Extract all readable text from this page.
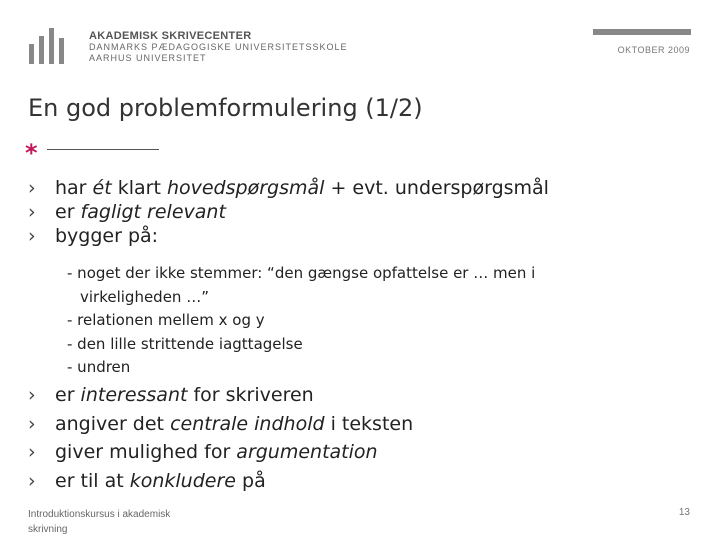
AKADEMISK SKRIVECENTER
DANMARKS PÆDAGOGISKE UNIVERSITETSSKOLE
AARHUS UNIVERSITET
OKTOBER 2009
En god problemformulering (1/2)
*
› har ét klart hovedspørgsmål + evt. underspørgsmål
› er fagligt relevant
› bygger på:
- noget der ikke stemmer: “den gængse opfattelse er … men i
virkeligheden …”
- relationen mellem x og y
- den lille strittende iagttagelse
- undren
› er interessant for skriveren
› angiver det centrale indhold i teksten
› giver mulighed for argumentation
› er til at konkludere på
Introduktionskursus i akademisk skrivning
13
